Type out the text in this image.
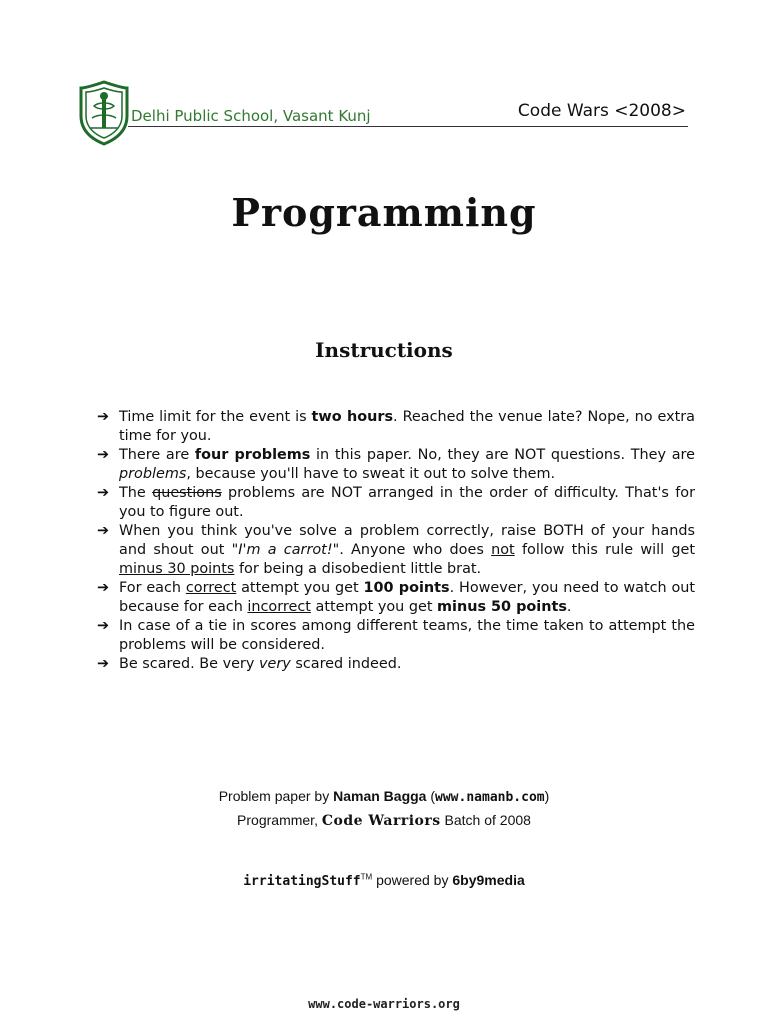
Delhi Public School, Vasant Kunj	Code Wars <2008>
Programming
Instructions
➔ Time limit for the event is two hours. Reached the venue late? Nope, no extra time for you.
➔ There are four problems in this paper. No, they are NOT questions. They are problems, because you'll have to sweat it out to solve them.
➔ The questions problems are NOT arranged in the order of difficulty. That's for you to figure out.
➔ When you think you've solve a problem correctly, raise BOTH of your hands and shout out "I'm a carrot!". Anyone who does not follow this rule will get minus 30 points for being a disobedient little brat.
➔ For each correct attempt you get 100 points. However, you need to watch out because for each incorrect attempt you get minus 50 points.
➔ In case of a tie in scores among different teams, the time taken to attempt the problems will be considered.
➔ Be scared. Be very very scared indeed.
Problem paper by Naman Bagga (www.namanb.com)
Programmer, Code Warriors Batch of 2008
irritatingStuff™ powered by 6by9media
www.code-warriors.org
